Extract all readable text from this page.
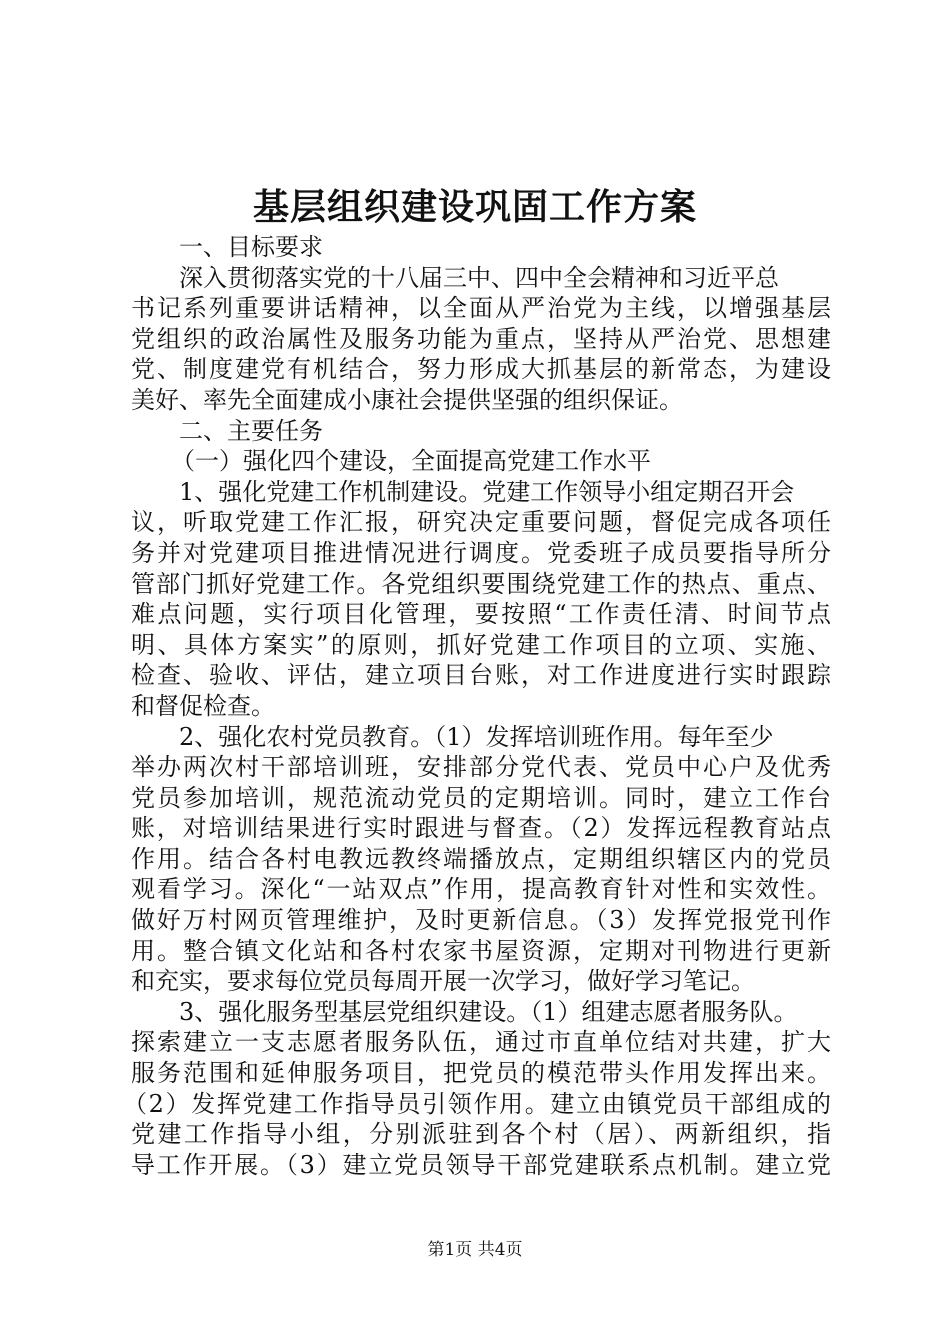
基层组织建设巩固工作方案
一、目标要求
深入贯彻落实党的十八届三中、四中全会精神和习近平总
书记系列重要讲话精神，以全面从严治党为主线，以增强基层
党组织的政治属性及服务功能为重点，坚持从严治党、思想建
党、制度建党有机结合，努力形成大抓基层的新常态，为建设
美好、率先全面建成小康社会提供坚强的组织保证。
二、主要任务
（一）强化四个建设，全面提高党建工作水平
1、强化党建工作机制建设。党建工作领导小组定期召开会
议，听取党建工作汇报，研究决定重要问题，督促完成各项任
务并对党建项目推进情况进行调度。党委班子成员要指导所分
管部门抓好党建工作。各党组织要围绕党建工作的热点、重点、
难点问题，实行项目化管理，要按照“工作责任清、时间节点
明、具体方案实”的原则，抓好党建工作项目的立项、实施、
检查、验收、评估，建立项目台账，对工作进度进行实时跟踪
和督促检查。
2、强化农村党员教育。（1）发挥培训班作用。每年至少
举办两次村干部培训班，安排部分党代表、党员中心户及优秀
党员参加培训，规范流动党员的定期培训。同时，建立工作台
账，对培训结果进行实时跟进与督查。（2）发挥远程教育站点
作用。结合各村电教远教终端播放点，定期组织辖区内的党员
观看学习。深化“一站双点”作用，提高教育针对性和实效性。
做好万村网页管理维护，及时更新信息。（3）发挥党报党刊作
用。整合镇文化站和各村农家书屋资源，定期对刊物进行更新
和充实，要求每位党员每周开展一次学习，做好学习笔记。
3、强化服务型基层党组织建设。（1）组建志愿者服务队。
探索建立一支志愿者服务队伍，通过市直单位结对共建，扩大
服务范围和延伸服务项目，把党员的模范带头作用发挥出来。
（2）发挥党建工作指导员引领作用。建立由镇党员干部组成的
党建工作指导小组，分别派驻到各个村（居）、两新组织，指
导工作开展。（3）建立党员领导干部党建联系点机制。建立党
第1页 共4页
